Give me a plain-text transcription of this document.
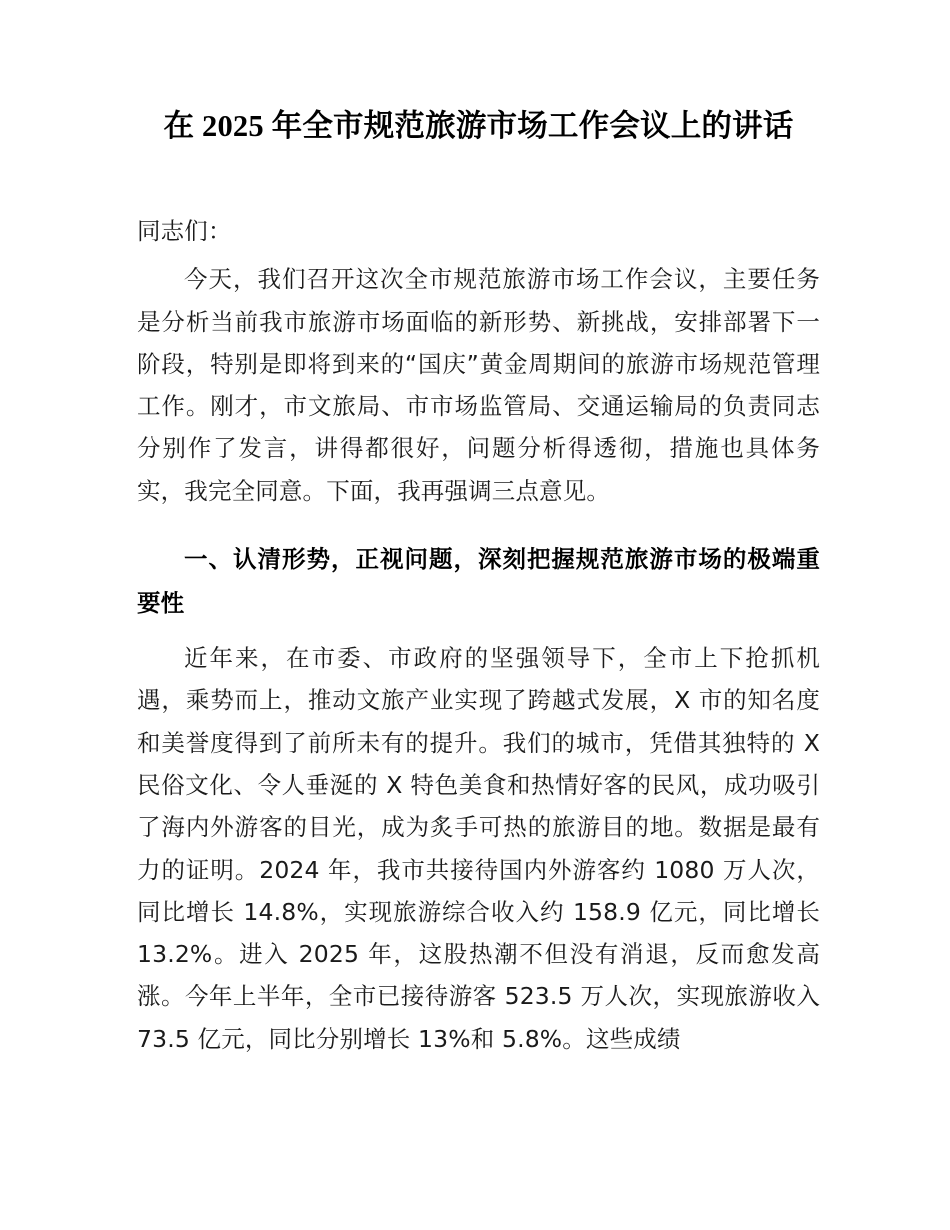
在 2025 年全市规范旅游市场工作会议上的讲话

同志们：

今天，我们召开这次全市规范旅游市场工作会议，主要任务是分析当前我市旅游市场面临的新形势、新挑战，安排部署下一阶段，特别是即将到来的“国庆”黄金周期间的旅游市场规范管理工作。刚才，市文旅局、市市场监管局、交通运输局的负责同志分别作了发言，讲得都很好，问题分析得透彻，措施也具体务实，我完全同意。下面，我再强调三点意见。

一、认清形势，正视问题，深刻把握规范旅游市场的极端重要性

近年来，在市委、市政府的坚强领导下，全市上下抢抓机遇，乘势而上，推动文旅产业实现了跨越式发展，X 市的知名度和美誉度得到了前所未有的提升。我们的城市，凭借其独特的 X 民俗文化、令人垂涎的 X 特色美食和热情好客的民风，成功吸引了海内外游客的目光，成为炙手可热的旅游目的地。数据是最有力的证明。2024 年，我市共接待国内外游客约 1080 万人次，同比增长 14.8%，实现旅游综合收入约 158.9 亿元，同比增长 13.2%。进入 2025 年，这股热潮不但没有消退，反而愈发高涨。今年上半年，全市已接待游客 523.5 万人次，实现旅游收入 73.5 亿元，同比分别增长 13%和 5.8%。这些成绩
